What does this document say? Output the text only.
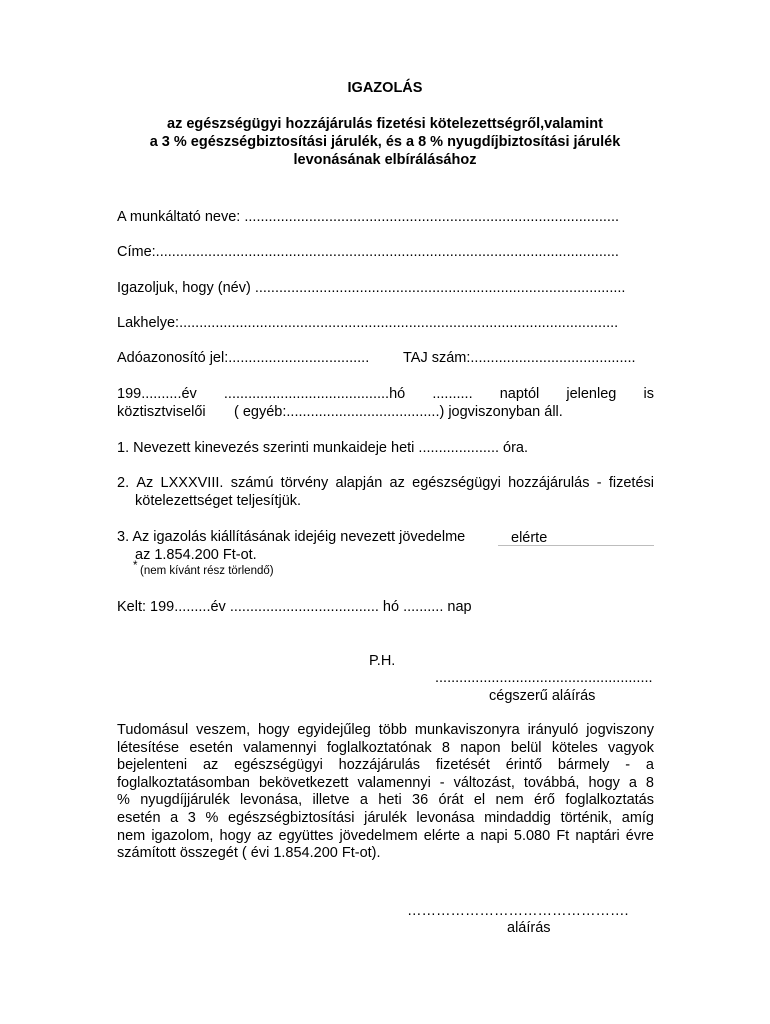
IGAZOLÁS
az egészségügyi hozzájárulás fizetési kötelezettségről,valamint
a 3 % egészségbiztosítási járulék, és a 8 % nyugdíjbiztosítási járulék
levonásának elbírálásához
A munkáltató neve: .............................................................................................
Címe:...................................................................................................................
Igazoljuk, hogy (név) ............................................................................................
Lakhelye:.............................................................................................................
Adóazonosító jel:................................... TAJ szám:.........................................
199..........év .........................................hó .......... naptól jelenleg is
köztisztviselői ( egyéb:......................................) jogviszonyban áll.
1. Nevezett kinevezés szerinti munkaideje heti .................... óra.
2. Az LXXXVIII. számú törvény alapján az egészségügyi hozzájárulás - fizetési
kötelezettséget teljesítjük.
3. Az igazolás kiállításának idejéig nevezett jövedelme	elérte
az 1.854.200 Ft-ot.
* (nem kívánt rész törlendő)
Kelt: 199.........év ..................................... hó .......... nap
P.H.
......................................................
cégszerű aláírás

Tudomásul veszem, hogy egyidejűleg több munkaviszonyra irányuló jogviszony

létesítése esetén valamennyi foglalkoztatónak 8 napon belül köteles vagyok

bejelenteni az egészségügyi hozzájárulás fizetését érintő bármely - a

foglalkoztatásomban bekövetkezett valamennyi - változást, továbbá, hogy a 8

% nyugdíjjárulék levonása, illetve a heti 36 órát el nem érő foglalkoztatás

esetén a 3 % egészségbiztosítási járulék levonása mindaddig történik, amíg

nem igazolom, hogy az együttes jövedelmem elérte a napi 5.080 Ft naptári évre

számított összegét ( évi 1.854.200 Ft-ot).

……………………………………….
aláírás
